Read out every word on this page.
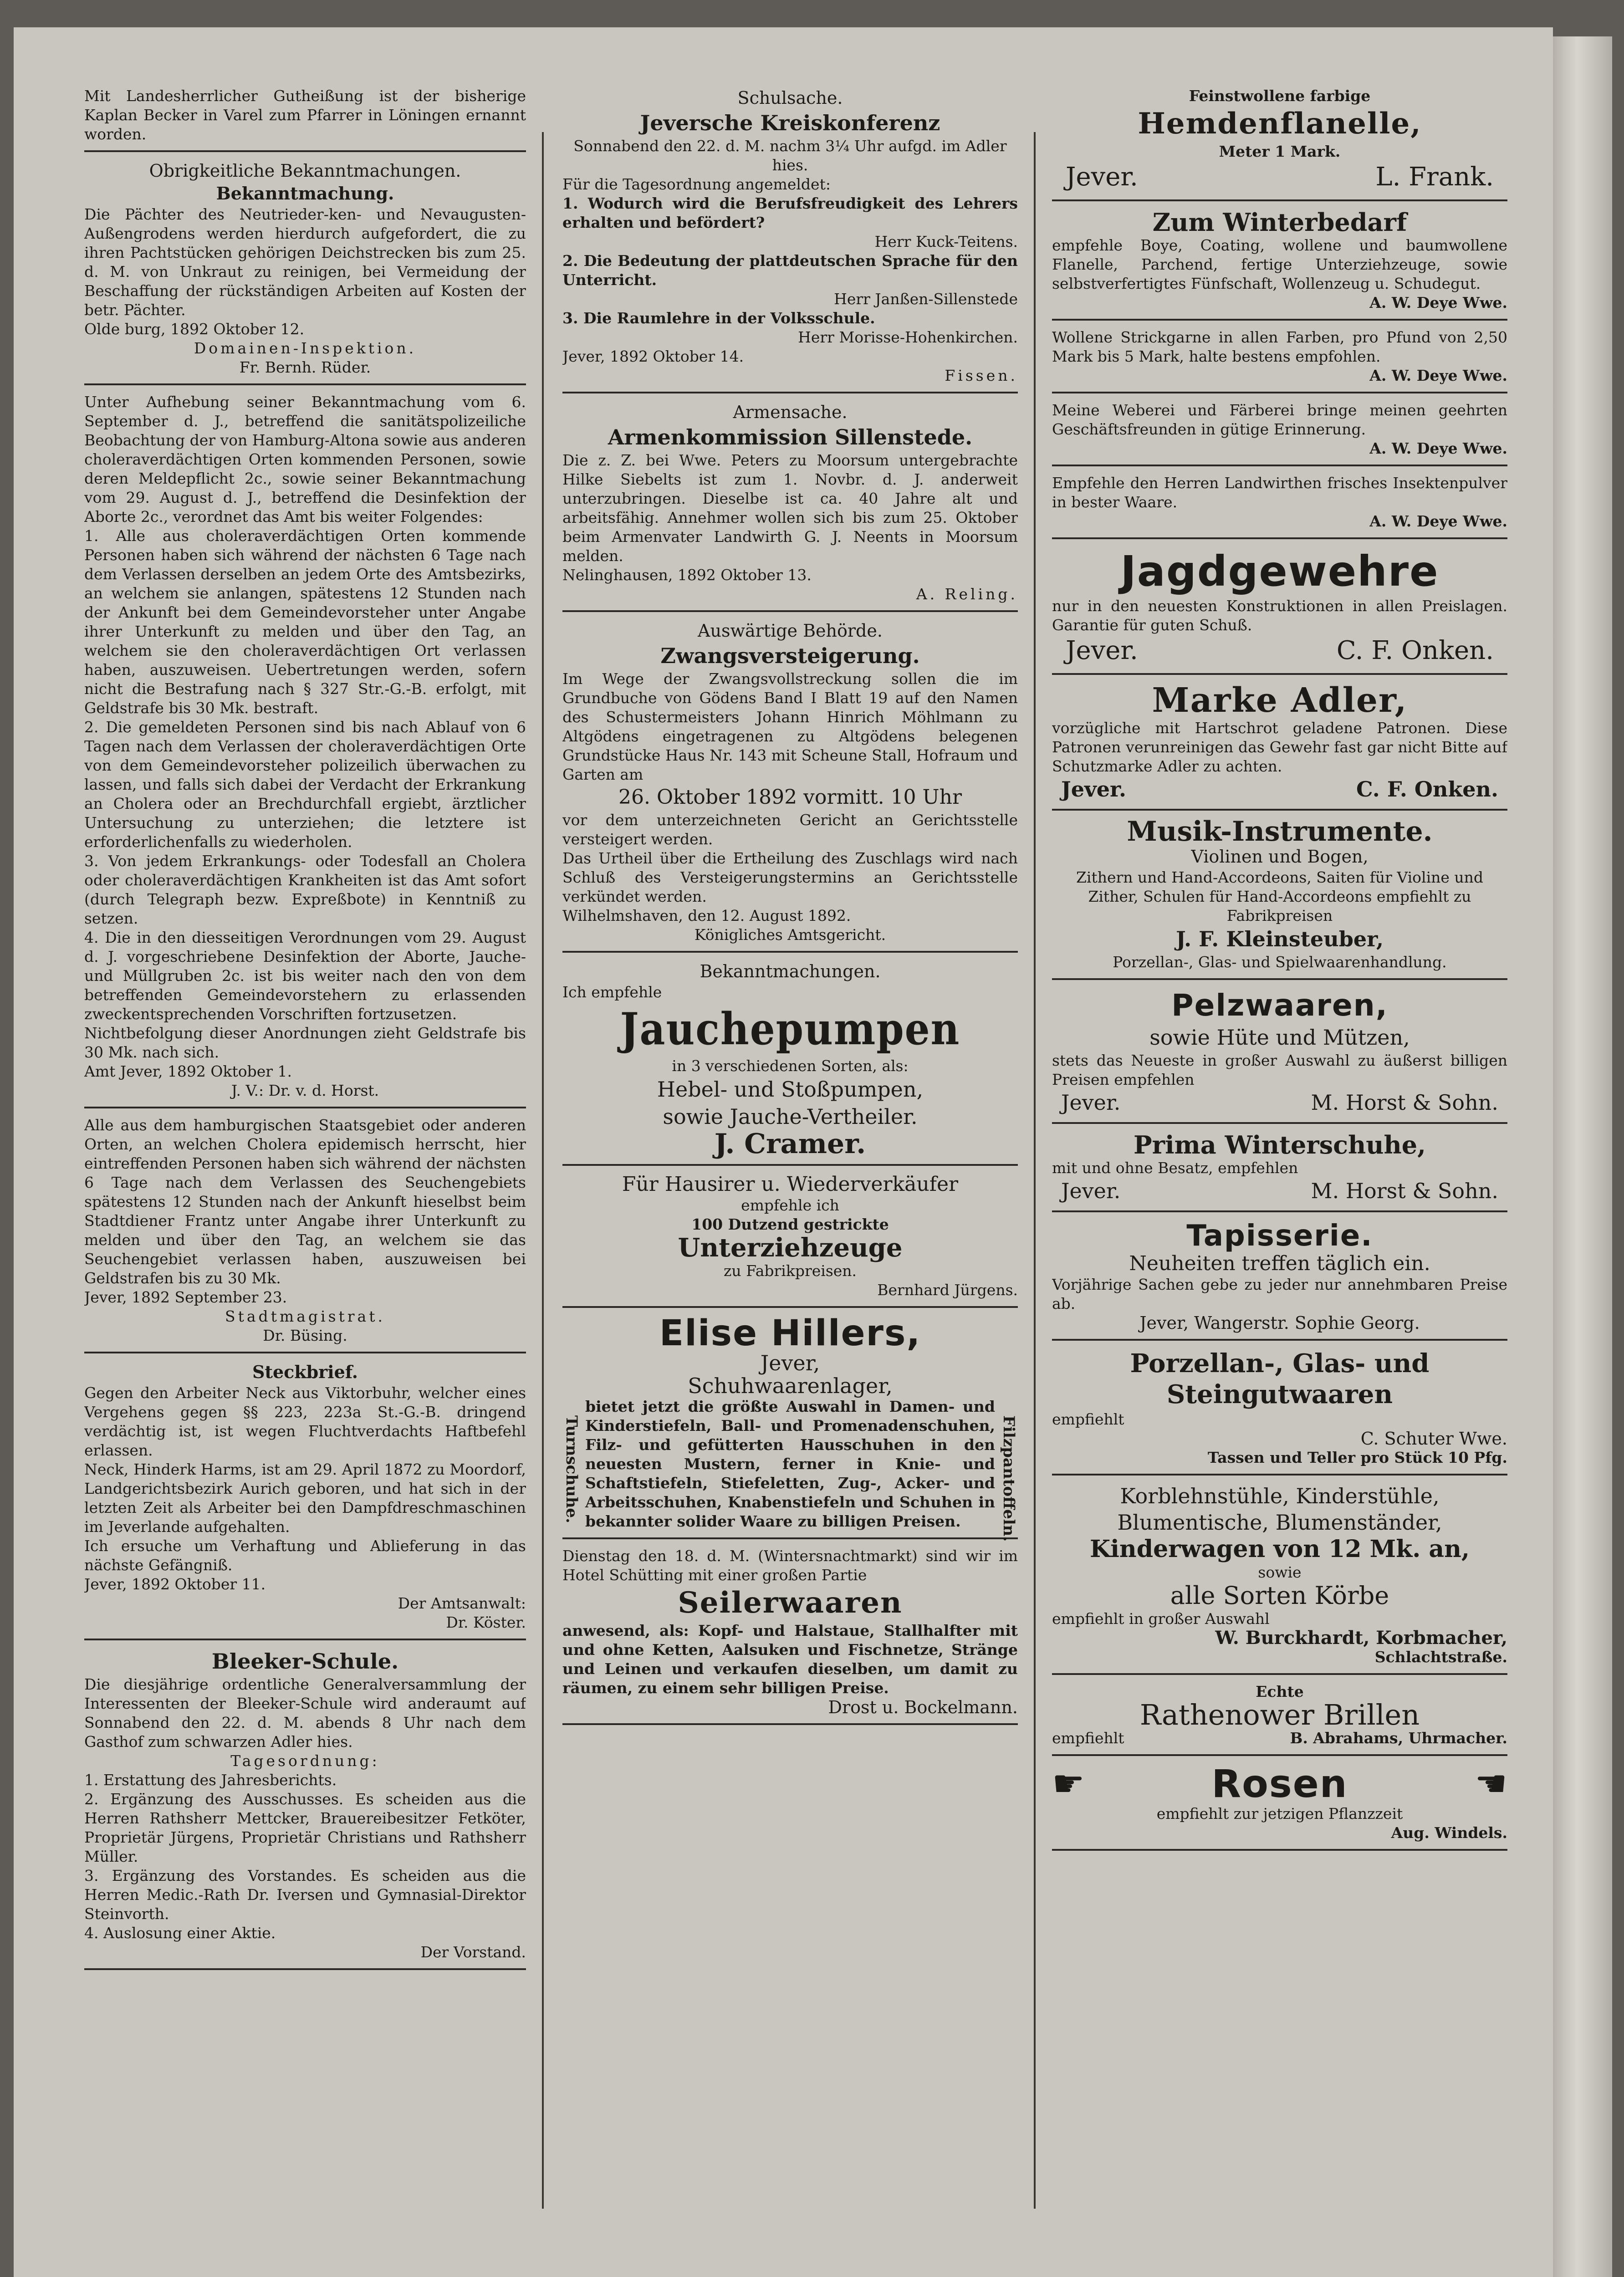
Mit Landesherrlicher Gutheißung ist der bisherige Kaplan Becker in Varel zum Pfarrer in Löningen ernannt worden.
Obrigkeitliche Bekanntmachungen.
Bekanntmachung.
Die Pächter des Neutrieder-ken- und Nevaugusten-Außengrodens werden hierdurch aufgefordert, die zu ihren Pachtstücken gehörigen Deichstrecken bis zum 25. d. M. von Unkraut zu reinigen, bei Vermeidung der Beschaffung der rückständigen Arbeiten auf Kosten der betr. Pächter.
Olde burg, 1892 Oktober 12.
Domainen-Inspektion.
Fr. Bernh. Rüder.
Unter Aufhebung seiner Bekanntmachung vom 6. September d. J., betreffend die sanitätspolizeiliche Beobachtung der von Hamburg-Altona sowie aus anderen choleraverdächtigen Orten kommenden Personen, sowie deren Meldepflicht 2c., sowie seiner Bekanntmachung vom 29. August d. J., betreffend die Desinfektion der Aborte 2c., verordnet das Amt bis weiter Folgendes:
1. Alle aus choleraverdächtigen Orten kommende Personen haben sich während der nächsten 6 Tage nach dem Verlassen derselben an jedem Orte des Amtsbezirks, an welchem sie anlangen, spätestens 12 Stunden nach der Ankunft bei dem Gemeindevorsteher unter Angabe ihrer Unterkunft zu melden und über den Tag, an welchem sie den choleraverdächtigen Ort verlassen haben, auszuweisen. Uebertretungen werden, sofern nicht die Bestrafung nach § 327 Str.-G.-B. erfolgt, mit Geldstrafe bis 30 Mk. bestraft.
2. Die gemeldeten Personen sind bis nach Ablauf von 6 Tagen nach dem Verlassen der choleraverdächtigen Orte von dem Gemeindevorsteher polizeilich überwachen zu lassen, und falls sich dabei der Verdacht der Erkrankung an Cholera oder an Brechdurchfall ergiebt, ärztlicher Untersuchung zu unterziehen; die letztere ist erforderlichenfalls zu wiederholen.
3. Von jedem Erkrankungs- oder Todesfall an Cholera oder choleraverdächtigen Krankheiten ist das Amt sofort (durch Telegraph bezw. Expreßbote) in Kenntniß zu setzen.
4. Die in den diesseitigen Verordnungen vom 29. August d. J. vorgeschriebene Desinfektion der Aborte, Jauche- und Müllgruben 2c. ist bis weiter nach den von dem betreffenden Gemeindevorstehern zu erlassenden zweckentsprechenden Vorschriften fortzusetzen.
Nichtbefolgung dieser Anordnungen zieht Geldstrafe bis 30 Mk. nach sich.
Amt Jever, 1892 Oktober 1.
J. V.: Dr. v. d. Horst.
Alle aus dem hamburgischen Staatsgebiet oder anderen Orten, an welchen Cholera epidemisch herrscht, hier eintreffenden Personen haben sich während der nächsten 6 Tage nach dem Verlassen des Seuchengebiets spätestens 12 Stunden nach der Ankunft hieselbst beim Stadtdiener Frantz unter Angabe ihrer Unterkunft zu melden und über den Tag, an welchem sie das Seuchengebiet verlassen haben, auszuweisen bei Geldstrafen bis zu 30 Mk.
Jever, 1892 September 23.
Stadtmagistrat.
Dr. Büsing.
Steckbrief.
Gegen den Arbeiter Neck aus Viktorbuhr, welcher eines Vergehens gegen §§ 223, 223a St.-G.-B. dringend verdächtig ist, ist wegen Fluchtverdachts Haftbefehl erlassen.
Neck, Hinderk Harms, ist am 29. April 1872 zu Moordorf, Landgerichtsbezirk Aurich geboren, und hat sich in der letzten Zeit als Arbeiter bei den Dampfdreschmaschinen im Jeverlande aufgehalten.
Ich ersuche um Verhaftung und Ablieferung in das nächste Gefängniß.
Jever, 1892 Oktober 11.
Der Amtsanwalt:
Dr. Köster.
Bleeker-Schule.
Die diesjährige ordentliche Generalversammlung der Interessenten der Bleeker-Schule wird anderaumt auf Sonnabend den 22. d. M. abends 8 Uhr nach dem Gasthof zum schwarzen Adler hies.
Tagesordnung:
1. Erstattung des Jahresberichts.
2. Ergänzung des Ausschusses. Es scheiden aus die Herren Rathsherr Mettcker, Brauereibesitzer Fetköter, Proprietär Jürgens, Proprietär Christians und Rathsherr Müller.
3. Ergänzung des Vorstandes. Es scheiden aus die Herren Medic.-Rath Dr. Iversen und Gymnasial-Direktor Steinvorth.
4. Auslosung einer Aktie.
Der Vorstand.
Schulsache.
Jeversche Kreiskonferenz
Sonnabend den 22. d. M. nachm 3¼ Uhr aufgd. im Adler hies.
Für die Tagesordnung angemeldet:
1. Wodurch wird die Berufsfreudigkeit des Lehrers erhalten und befördert?
Herr Kuck-Teitens.
2. Die Bedeutung der plattdeutschen Sprache für den Unterricht.
Herr Janßen-Sillenstede
3. Die Raumlehre in der Volksschule.
Herr Morisse-Hohenkirchen.
Jever, 1892 Oktober 14.
Fissen.
Armensache.
Armenkommission Sillenstede.
Die z. Z. bei Wwe. Peters zu Moorsum untergebrachte Hilke Siebelts ist zum 1. Novbr. d. J. anderweit unterzubringen. Dieselbe ist ca. 40 Jahre alt und arbeitsfähig. Annehmer wollen sich bis zum 25. Oktober beim Armenvater Landwirth G. J. Neents in Moorsum melden.
Nelinghausen, 1892 Oktober 13.
A. Reling.
Auswärtige Behörde.
Zwangsversteigerung.
Im Wege der Zwangsvollstreckung sollen die im Grundbuche von Gödens Band I Blatt 19 auf den Namen des Schustermeisters Johann Hinrich Möhlmann zu Altgödens eingetragenen zu Altgödens belegenen Grundstücke Haus Nr. 143 mit Scheune Stall, Hofraum und Garten am
26. Oktober 1892 vormitt. 10 Uhr
vor dem unterzeichneten Gericht an Gerichtsstelle versteigert werden.
Das Urtheil über die Ertheilung des Zuschlags wird nach Schluß des Versteigerungstermins an Gerichtsstelle verkündet werden.
Wilhelmshaven, den 12. August 1892.
Königliches Amtsgericht.
Bekanntmachungen.
Ich empfehle
Jauchepumpen
in 3 verschiedenen Sorten, als:
Hebel- und Stoßpumpen,
sowie Jauche-Vertheiler.
J. Cramer.
Für Hausirer u. Wiederverkäufer
empfehle ich
100 Dutzend gestrickte
Unterziehzeuge
zu Fabrikpreisen.
Bernhard Jürgens.
Elise Hillers,
Jever,
Schuhwaarenlager,
Turnschuhe.
bietet jetzt die größte Auswahl in Damen- und Kinderstiefeln, Ball- und Promenadenschuhen, Filz- und gefütterten Hausschuhen in den neuesten Mustern, ferner in Knie- und Schaftstiefeln, Stiefeletten, Zug-, Acker- und Arbeitsschuhen, Knabenstiefeln und Schuhen in bekannter solider Waare zu billigen Preisen.	Filzpantoffeln.
Dienstag den 18. d. M. (Wintersnachtmarkt) sind wir im Hotel Schütting mit einer großen Partie
Seilerwaaren
anwesend, als: Kopf- und Halstaue, Stallhalfter mit und ohne Ketten, Aalsuken und Fischnetze, Stränge und Leinen und verkaufen dieselben, um damit zu räumen, zu einem sehr billigen Preise.
Drost u. Bockelmann.
Feinstwollene farbige
Hemdenflanelle,
Meter 1 Mark.
Jever.	L. Frank.
Zum Winterbedarf
empfehle Boye, Coating, wollene und baumwollene Flanelle, Parchend, fertige Unterziehzeuge, sowie selbstverfertigtes Fünfschaft, Wollenzeug u. Schudegut.
A. W. Deye Wwe.
Wollene Strickgarne in allen Farben, pro Pfund von 2,50 Mark bis 5 Mark, halte bestens empfohlen.
A. W. Deye Wwe.
Meine Weberei und Färberei bringe meinen geehrten Geschäftsfreunden in gütige Erinnerung.
A. W. Deye Wwe.
Empfehle den Herren Landwirthen frisches Insektenpulver in bester Waare.
A. W. Deye Wwe.
Jagdgewehre
nur in den neuesten Konstruktionen in allen Preislagen. Garantie für guten Schuß.
Jever.	C. F. Onken.
Marke Adler,
vorzügliche mit Hartschrot geladene Patronen. Diese Patronen verunreinigen das Gewehr fast gar nicht Bitte auf Schutzmarke Adler zu achten.
Jever.	C. F. Onken.
Musik-Instrumente.
Violinen und Bogen,
Zithern und Hand-Accordeons, Saiten für Violine und Zither, Schulen für Hand-Accordeons empfiehlt zu Fabrikpreisen
J. F. Kleinsteuber,
Porzellan-, Glas- und Spielwaarenhandlung.
Pelzwaaren,
sowie Hüte und Mützen,
stets das Neueste in großer Auswahl zu äußerst billigen Preisen empfehlen
Jever.	M. Horst & Sohn.
Prima Winterschuhe,
mit und ohne Besatz, empfehlen
Jever.	M. Horst & Sohn.
Tapisserie.
Neuheiten treffen täglich ein.
Vorjährige Sachen gebe zu jeder nur annehmbaren Preise ab.
Jever, Wangerstr. Sophie Georg.
Porzellan-, Glas- und Steingutwaaren
empfiehlt
C. Schuter Wwe.
Tassen und Teller pro Stück 10 Pfg.
Korblehnstühle, Kinderstühle, Blumentische, Blumenständer,
Kinderwagen von 12 Mk. an,
sowie
alle Sorten Körbe
empfiehlt in großer Auswahl
W. Burckhardt, Korbmacher,
Schlachtstraße.
Echte
Rathenower Brillen
empfiehlt	B. Abrahams, Uhrmacher.
☛	Rosen	☚
empfiehlt zur jetzigen Pflanzzeit
Aug. Windels.
